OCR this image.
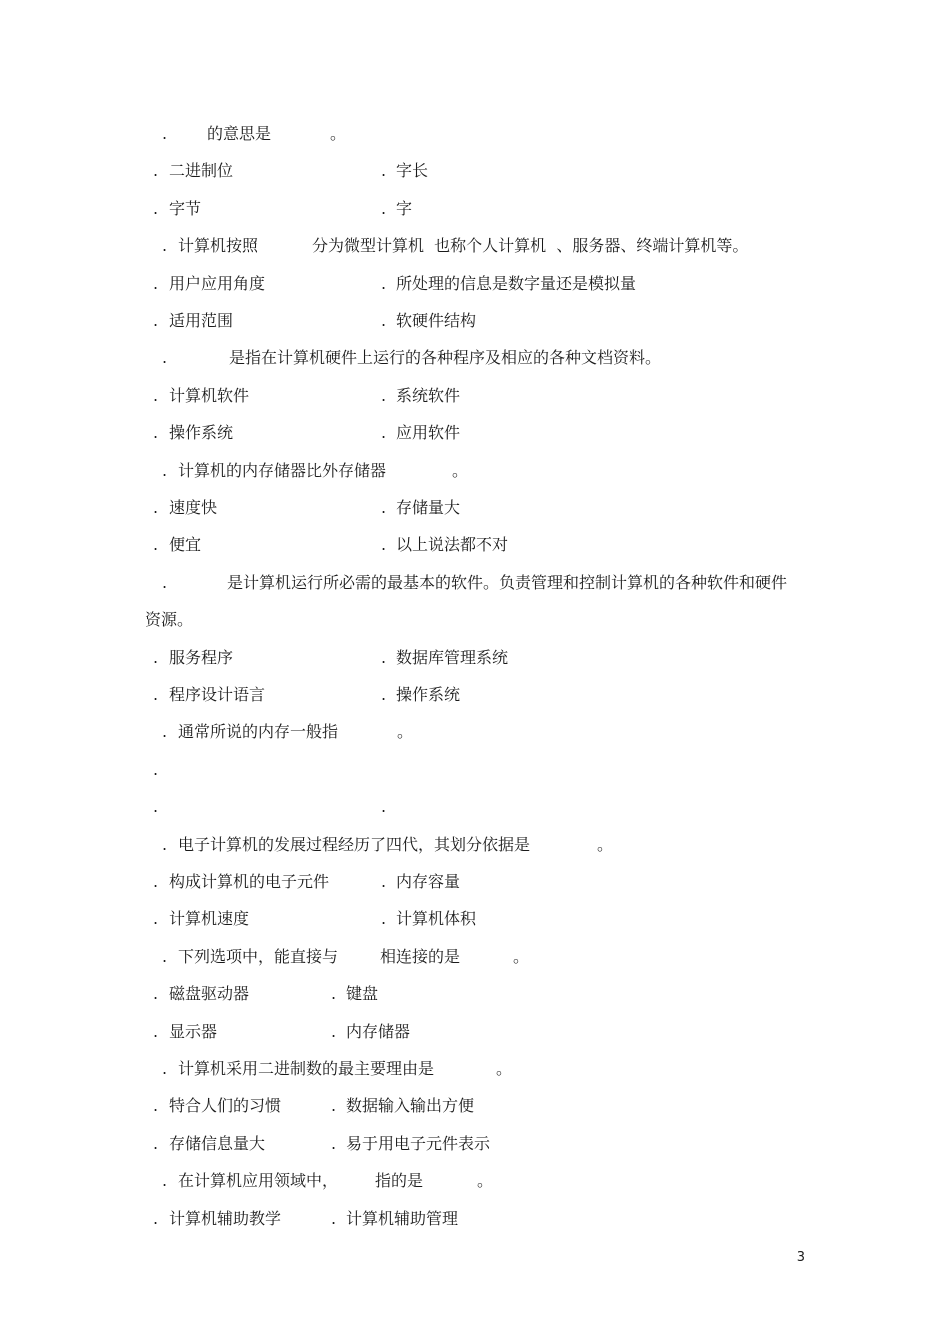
. 的意思是	。
. 二进制位	. 字长
. 字节	. 字
. 计算机按照	分为微型计算机  也称个人计算机  、服务器、终端计算机等。
. 用户应用角度	. 所处理的信息是数字量还是模拟量
. 适用范围	. 软硬件结构
.	是指在计算机硬件上运行的各种程序及相应的各种文档资料。
. 计算机软件	. 系统软件
. 操作系统	. 应用软件
. 计算机的内存储器比外存储器	。
. 速度快	. 存储量大
. 便宜	. 以上说法都不对
.	是计算机运行所必需的最基本的软件。负责管理和控制计算机的各种软件和硬件
资源。
. 服务程序	. 数据库管理系统
. 程序设计语言	. 操作系统
. 通常所说的内存一般指	。
.
.	.
. 电子计算机的发展过程经历了四代，其划分依据是	。
. 构成计算机的电子元件	. 内存容量
. 计算机速度	. 计算机体积
. 下列选项中，能直接与	相连接的是	。
. 磁盘驱动器	. 键盘
. 显示器	. 内存储器
. 计算机采用二进制数的最主要理由是	。
. 特合人们的习惯	. 数据输入输出方便
. 存储信息量大	. 易于用电子元件表示
. 在计算机应用领域中， 指的是	。
. 计算机辅助教学	. 计算机辅助管理
3
